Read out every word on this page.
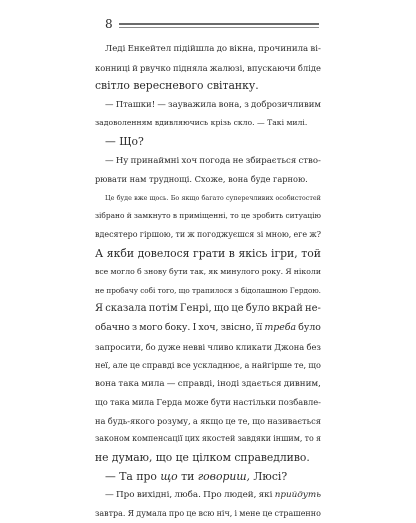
8
Леді Енкейтел підійшла до вікна, прочинила ві-
конниці й рвучко підняла жалюзі, впускаючи бліде
світло вересневого світанку.
— Пташки! — зауважила вона, з доброзичливим
задоволенням вдивляючись крізь скло. — Такі милі.
— Що?
— Ну принаймні хоч погода не збирається ство-
рювати нам труднощі. Схоже, вона буде гарною.
Це буде вже щось. Бо якщо багато суперечливих особистостей
зібрано й замкнуто в приміщенні, то це зробить ситуацію
вдесятеро гіршою, ти ж погоджуєшся зі мною, еге ж?
А якби довелося грати в якісь ігри, той
все могло б знову бути так, як минулого року. Я ніколи
не пробачу собі того, що трапилося з бідолашною Гердою.
Я сказала потім Генрі, що це було вкрай не-
обачно з мого боку. І хоч, звісно, її треба було
запросити, бо дуже невві чливо кликати Джона без
неї, але це справді все ускладнює, а найгірше те, що
вона така мила — справді, іноді здається дивним,
що така мила Герда може бути настільки позбавле-
на будь-якого розуму, а якщо це те, що називається
законом компенсації цих якостей завдяки іншим, то я
не думаю, що це цілком справедливо.
— Та про що ти говориш, Люсі?
— Про вихідні, люба. Про людей, які прийдуть
завтра. Я думала про це всю ніч, і мене це страшенно
